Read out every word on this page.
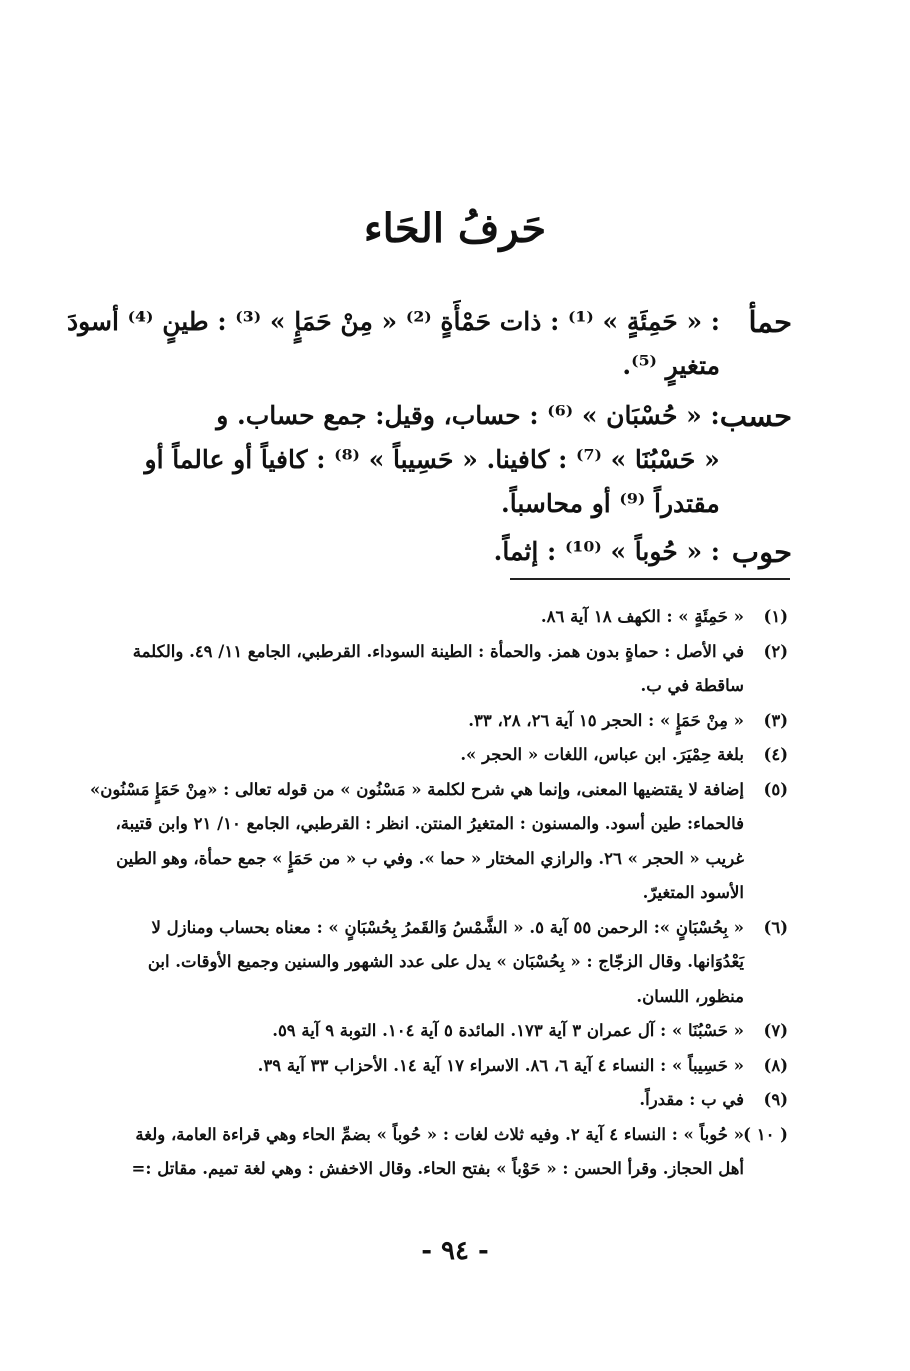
حَرفُ الحَاء
حمأ
: « حَمِئَةٍ » ⁽¹⁾ : ذات حَمْأَةٍ ⁽²⁾ « مِنْ حَمَإٍ » ⁽³⁾ : طينٍ ⁽⁴⁾ أسودَ
متغيرٍ ⁽⁵⁾.
حسب
: « حُسْبَان » ⁽⁶⁾ : حساب، وقيل: جمع حساب. و
« حَسْبُنَا » ⁽⁷⁾ : كافينا. « حَسِيباً » ⁽⁸⁾ : كافياً أو عالماً أو
مقتدراً ⁽⁹⁾ أو محاسباً.
حوب
: « حُوباً » ⁽¹⁰⁾ : إثماً.
(١)
« حَمِئَةٍ » : الكهف ١٨ آية ٨٦.
(٢)
في الأصل : حماةٍ بدون همز. والحمأة : الطينة السوداء. القرطبي، الجامع ١١/ ٤٩. والكلمة
ساقطة في ب.
(٣)
« مِنْ حَمَإٍ » : الحجر ١٥ آية ٢٦، ٢٨، ٣٣.
(٤)
بلغة حِمْيَرَ. ابن عباس، اللغات « الحجر ».
(٥)
إضافة لا يقتضيها المعنى، وإنما هي شرح لكلمة « مَسْنُون » من قوله تعالى : «مِنْ حَمَإٍ مَسْنُون»
فالحماء: طين أسود. والمسنون : المتغيرُ المنتن. انظر : القرطبي، الجامع ١٠/ ٢١ وابن قتيبة،
غريب « الحجر » ٢٦. والرازي المختار « حما ». وفي ب « من حَمَإٍ » جمع حمأة، وهو الطين
الأسود المتغيرّ.
(٦)
« بِحُسْبَانٍ »: الرحمن ٥٥ آية ٥. « الشَّمْسُ وَالقَمرُ بِحُسْبَانٍ » : معناه بحساب ومنازل لا
يَعْدُوَانها. وقال الزجّاج : « بِحُسْبَان » يدل على عدد الشهور والسنين وجميع الأوقات. ابن
منظور، اللسان.
(٧)
« حَسْبُنَا » : آل عمران ٣ آية ١٧٣. المائدة ٥ آية ١٠٤. التوبة ٩ آية ٥٩.
(٨)
« حَسِيباً » : النساء ٤ آية ٦، ٨٦. الاسراء ١٧ آية ١٤. الأحزاب ٣٣ آية ٣٩.
(٩)
في ب : مقدراً.
( ١٠ )
« حُوباً » : النساء ٤ آية ٢. وفيه ثلاث لغات : « حُوباً » بضمِّ الحاء وهي قراءة العامة، ولغة
أهل الحجاز. وقرأ الحسن : « حَوْباً » بفتح الحاء. وقال الاخفش : وهي لغة تميم. مقاتل :=
- ٩٤ -
